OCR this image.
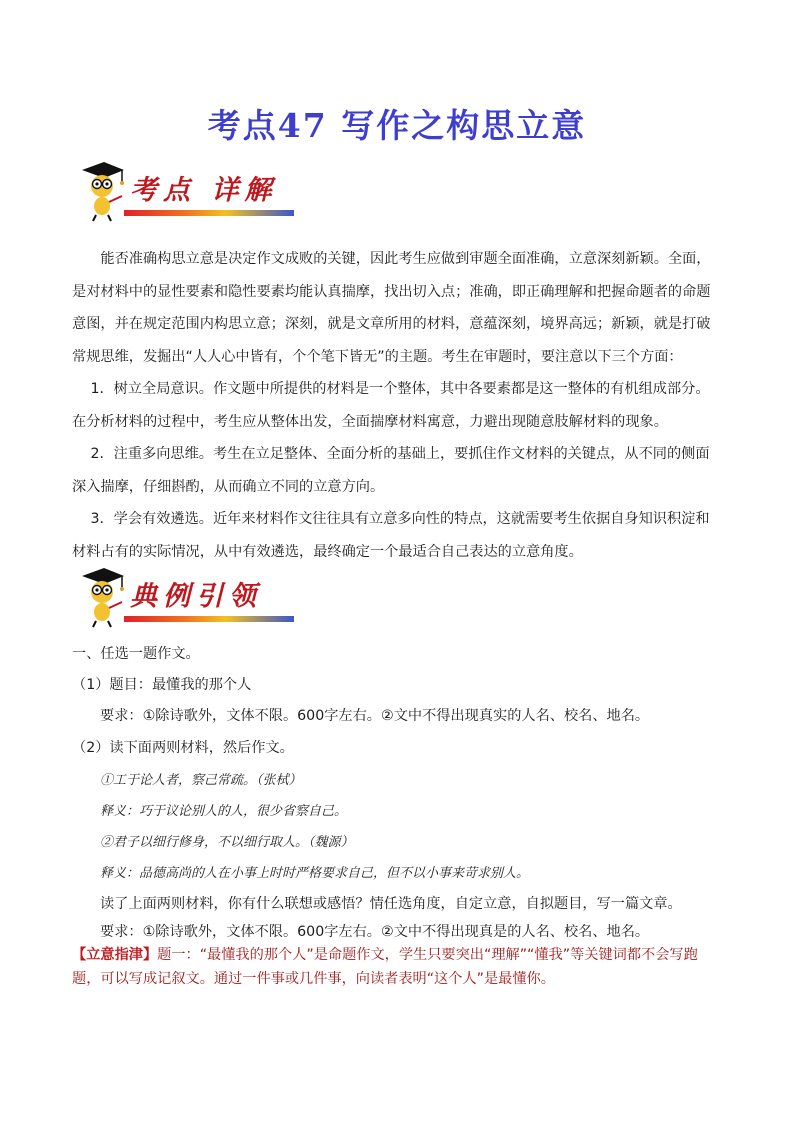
考点47 写作之构思立意
考点 详解
能否准确构思立意是决定作文成败的关键，因此考生应做到审题全面准确，立意深刻新颖。全面，是对材料中的显性要素和隐性要素均能认真揣摩，找出切入点；准确，即正确理解和把握命题者的命题意图，并在规定范围内构思立意；深刻，就是文章所用的材料，意蕴深刻，境界高远；新颖，就是打破常规思维，发掘出“人人心中皆有，个个笔下皆无”的主题。考生在审题时，要注意以下三个方面：
1．树立全局意识。作文题中所提供的材料是一个整体，其中各要素都是这一整体的有机组成部分。在分析材料的过程中，考生应从整体出发，全面揣摩材料寓意，力避出现随意肢解材料的现象。
2．注重多向思维。考生在立足整体、全面分析的基础上，要抓住作文材料的关键点，从不同的侧面深入揣摩，仔细斟酌，从而确立不同的立意方向。
3．学会有效遴选。近年来材料作文往往具有立意多向性的特点，这就需要考生依据自身知识积淀和材料占有的实际情况，从中有效遴选，最终确定一个最适合自己表达的立意角度。
典例引领
一、任选一题作文。
（1）题目：最懂我的那个人
要求：①除诗歌外，文体不限。600字左右。②文中不得出现真实的人名、校名、地名。
（2）读下面两则材料，然后作文。
①工于论人者，察己常疏。（张栻）
释义：巧于议论别人的人，很少省察自己。
②君子以细行修身，不以细行取人。（魏源）
释义：品德高尚的人在小事上时时严格要求自己，但不以小事来苛求别人。
读了上面两则材料，你有什么联想或感悟？情任选角度，自定立意，自拟题目，写一篇文章。
要求：①除诗歌外，文体不限。600字左右。②文中不得出现真是的人名、校名、地名。
【立意指津】题一：“最懂我的那个人”是命题作文，学生只要突出“理解”“懂我”等关键词都不会写跑题，可以写成记叙文。通过一件事或几件事，向读者表明“这个人”是最懂你。
